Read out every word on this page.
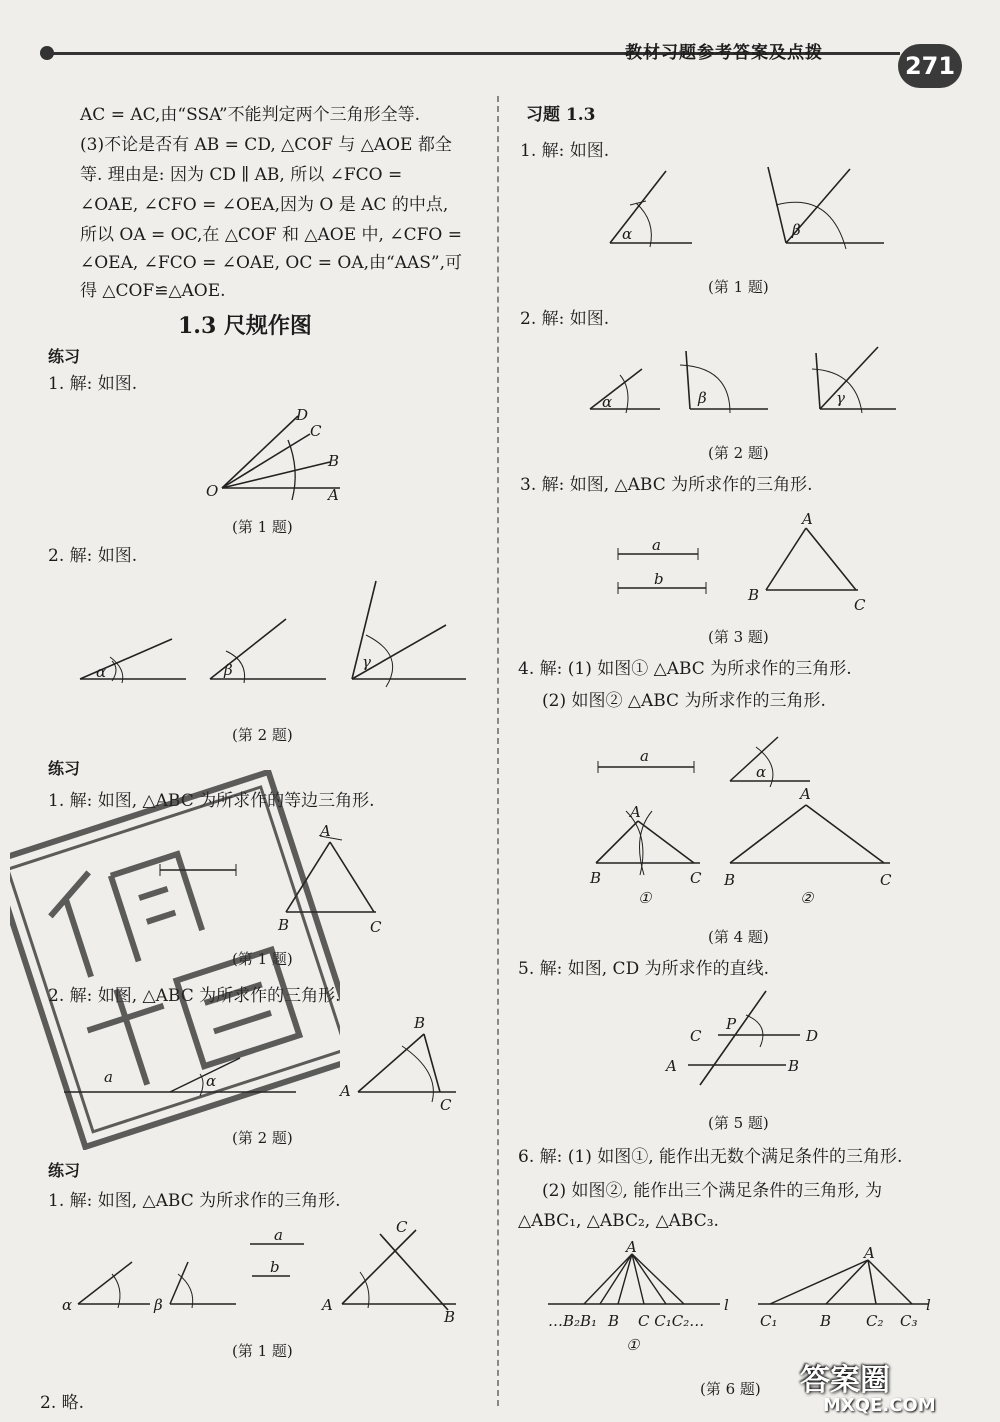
教材习题参考答案及点拨	271
AC = AC,由“SSA”不能判定两个三角形全等.
(3)不论是否有 AB = CD, △COF 与 △AOE 都全
等. 理由是: 因为 CD ∥ AB, 所以 ∠FCO =
∠OAE, ∠CFO = ∠OEA,因为 O 是 AC 的中点,
所以 OA = OC,在 △COF 和 △AOE 中, ∠CFO =
∠OEA, ∠FCO = ∠OAE, OC = OA,由“AAS”,可
得 △COF≌△AOE.
1.3 尺规作图
练习
1. 解: 如图.
O	A
B
C
D
(第 1 题)
2. 解: 如图.
α	β	γ
(第 2 题)
练习
1. 解: 如图, △ABC 为所求作的等边三角形.
A
B	C
(第 1 题)
2. 解: 如图, △ABC 为所求作的三角形.
a	α
A
B
C
(第 2 题)
练习
1. 解: 如图, △ABC 为所求作的三角形.
α	β
a
b
A
C
B
(第 1 题)
2. 略.
习题 1.3
1. 解: 如图.
α	β
(第 1 题)
2. 解: 如图.
α	β	γ
(第 2 题)
3. 解: 如图, △ABC 为所求作的三角形.
a
b
A
B
C
(第 3 题)
4. 解: (1) 如图① △ABC 为所求作的三角形.
(2) 如图② △ABC 为所求作的三角形.
a
α
A
B	C
①
A
B	C
②
(第 4 题)
5. 解: 如图, CD 为所求作的直线.
C
P
D
A	B
(第 5 题)
6. 解: (1) 如图①, 能作出无数个满足条件的三角形.
(2) 如图②, 能作出三个满足条件的三角形, 为
△ABC₁, △ABC₂, △ABC₃.
A
…B₂B₁ B C C₁C₂…
l
①
A
C₁	B C₂ C₃
l
(第 6 题) 答案圈
MXQE.COM
